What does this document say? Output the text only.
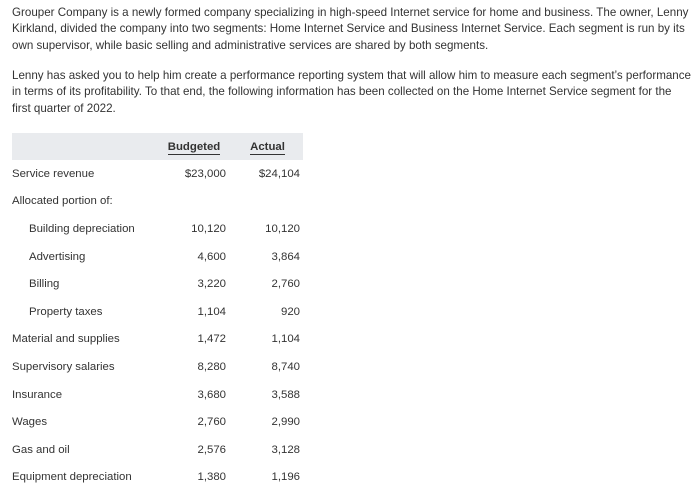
Grouper Company is a newly formed company specializing in high-speed Internet service for home and business. The owner, Lenny Kirkland, divided the company into two segments: Home Internet Service and Business Internet Service. Each segment is run by its own supervisor, while basic selling and administrative services are shared by both segments.

Lenny has asked you to help him create a performance reporting system that will allow him to measure each segment’s performance in terms of its profitability. To that end, the following information has been collected on the Home Internet Service segment for the first quarter of 2022.

	Budgeted	Actual
Service revenue	$23,000	$24,104
Allocated portion of:		
Building depreciation	10,120	10,120
Advertising	4,600	3,864
Billing	3,220	2,760
Property taxes	1,104	920
Material and supplies	1,472	1,104
Supervisory salaries	8,280	8,740
Insurance	3,680	3,588
Wages	2,760	2,990
Gas and oil	2,576	3,128
Equipment depreciation	1,380	1,196
